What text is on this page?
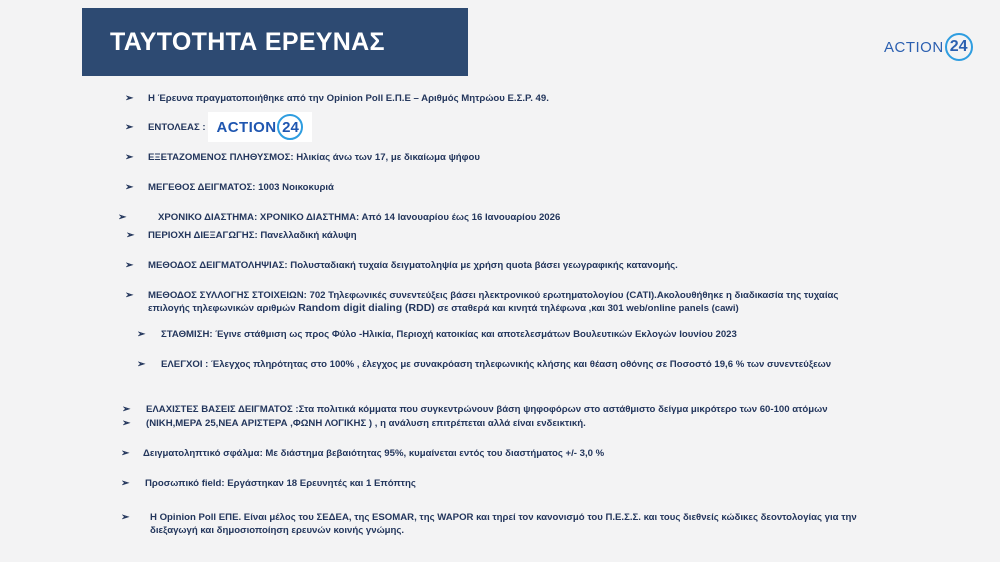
ΤΑΥΤΟΤΗΤΑ ΕΡΕΥΝΑΣ	ACTION 24
➢ Η Έρευνα πραγματοποιήθηκε από την Opinion Poll Ε.Π.Ε – Αριθμός Μητρώου Ε.Σ.Ρ. 49.
➢ ΕΝΤΟΛΕΑΣ : ACTION 24
➢ ΕΞΕΤΑΖΟΜΕΝΟΣ ΠΛΗΘΥΣΜΟΣ: Ηλικίας άνω των 17, με δικαίωμα ψήφου
➢ ΜΕΓΕΘΟΣ ΔΕΙΓΜΑΤΟΣ: 1003 Νοικοκυριά
➢	ΧΡΟΝΙΚΟ ΔΙΑΣΤΗΜΑ: ΧΡΟΝΙΚΟ ΔΙΑΣΤΗΜΑ: Από 14 Ιανουαρίου έως 16 Ιανουαρίου 2026
➢ ΠΕΡΙΟΧΗ ΔΙΕΞΑΓΩΓΗΣ: Πανελλαδική κάλυψη
➢ ΜΕΘΟΔΟΣ ΔΕΙΓΜΑΤΟΛΗΨΙΑΣ: Πολυσταδιακή τυχαία δειγματοληψία με χρήση quota βάσει γεωγραφικής κατανομής.
➢ ΜΕΘΟΔΟΣ ΣΥΛΛΟΓΗΣ ΣΤΟΙΧΕΙΩΝ: 702 Τηλεφωνικές συνεντεύξεις βάσει ηλεκτρονικού ερωτηματολογίου (CATI).Ακολουθήθηκε η διαδικασία της τυχαίας
επιλογής τηλεφωνικών αριθμών Random digit dialing (RDD) σε σταθερά και κινητά τηλέφωνα ,και 301 web/online panels (cawi)
➢ ΣΤΑΘΜΙΣΗ: Έγινε στάθμιση ως προς Φύλο -Ηλικία, Περιοχή κατοικίας και αποτελεσμάτων Βουλευτικών Εκλογών Ιουνίου 2023
➢ ΕΛΕΓΧΟΙ : Έλεγχος πληρότητας στο 100% , έλεγχος με συνακρόαση τηλεφωνικής κλήσης και θέαση οθόνης σε Ποσοστό 19,6 % των συνεντεύξεων
➢ ΕΛΑΧΙΣΤΕΣ ΒΑΣΕΙΣ ΔΕΙΓΜΑΤΟΣ :Στα πολιτικά κόμματα που συγκεντρώνουν βάση ψηφοφόρων στο αστάθμιστο δείγμα μικρότερο των 60-100 ατόμων
➢ (ΝΙΚΗ,ΜΕΡΑ 25,ΝΕΑ ΑΡΙΣΤΕΡΑ ,ΦΩΝΗ ΛΟΓΙΚΗΣ ) , η ανάλυση επιτρέπεται αλλά είναι ενδεικτική.
➢ Δειγματοληπτικό σφάλμα: Με διάστημα βεβαιότητας 95%, κυμαίνεται εντός του διαστήματος +/- 3,0 %
➢ Προσωπικό field: Εργάστηκαν 18 Ερευνητές και 1 Επόπτης
➢ Η Opinion Poll ΕΠΕ. Είναι μέλος του ΣΕΔΕΑ, της ESOMAR, της WAPOR και τηρεί τον κανονισμό του Π.Ε.Σ.Σ. και τους διεθνείς κώδικες δεοντολογίας για την
διεξαγωγή και δημοσιοποίηση ερευνών κοινής γνώμης.
